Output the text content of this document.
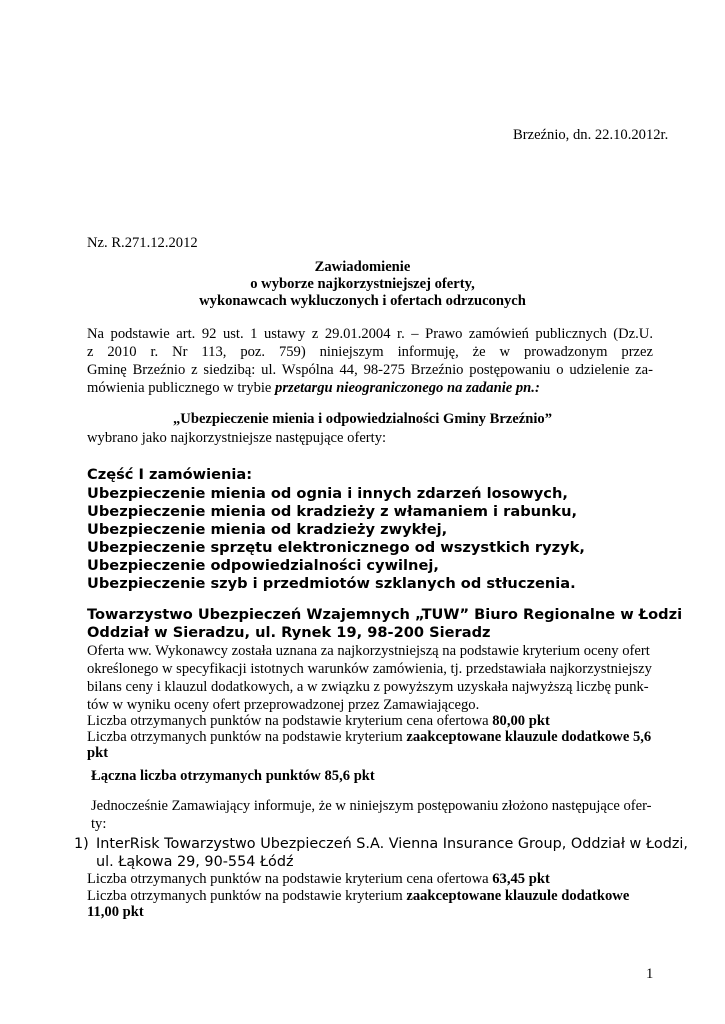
Brzeźnio, dn. 22.10.2012r.
Nz. R.271.12.2012
Zawiadomienie
o wyborze najkorzystniejszej oferty,
wykonawcach wykluczonych i ofertach odrzuconych
Na podstawie art. 92 ust. 1 ustawy z 29.01.2004 r. – Prawo zamówień publicznych (Dz.U.
z 2010 r. Nr 113, poz. 759) niniejszym informuję, że w prowadzonym przez
Gminę Brzeźnio z siedzibą: ul. Wspólna 44, 98-275 Brzeźnio postępowaniu o udzielenie za-
mówienia publicznego w trybie przetargu nieograniczonego na zadanie pn.:
„Ubezpieczenie mienia i odpowiedzialności Gminy Brzeźnio”
wybrano jako najkorzystniejsze następujące oferty:
Część I zamówienia:
Ubezpieczenie mienia od ognia i innych zdarzeń losowych,
Ubezpieczenie mienia od kradzieży z włamaniem i rabunku,
Ubezpieczenie mienia od kradzieży zwykłej,
Ubezpieczenie sprzętu elektronicznego od wszystkich ryzyk,
Ubezpieczenie odpowiedzialności cywilnej,
Ubezpieczenie szyb i przedmiotów szklanych od stłuczenia.
Towarzystwo Ubezpieczeń Wzajemnych „TUW” Biuro Regionalne w Łodzi
Oddział w Sieradzu, ul. Rynek 19, 98-200 Sieradz
Oferta ww. Wykonawcy została uznana za najkorzystniejszą na podstawie kryterium oceny ofert
określonego w specyfikacji istotnych warunków zamówienia, tj. przedstawiała najkorzystniejszy
bilans ceny i klauzul dodatkowych, a w związku z powyższym uzyskała najwyższą liczbę punk-
tów w wyniku oceny ofert przeprowadzonej przez Zamawiającego.
Liczba otrzymanych punktów na podstawie kryterium cena ofertowa 80,00 pkt
Liczba otrzymanych punktów na podstawie kryterium zaakceptowane klauzule dodatkowe 5,6
pkt
Łączna liczba otrzymanych punktów 85,6 pkt
Jednocześnie Zamawiający informuje, że w niniejszym postępowaniu złożono następujące ofer-
ty:
1) InterRisk Towarzystwo Ubezpieczeń S.A. Vienna Insurance Group, Oddział w Łodzi,
ul. Łąkowa 29, 90-554 Łódź
Liczba otrzymanych punktów na podstawie kryterium cena ofertowa 63,45 pkt
Liczba otrzymanych punktów na podstawie kryterium zaakceptowane klauzule dodatkowe
11,00 pkt
1
